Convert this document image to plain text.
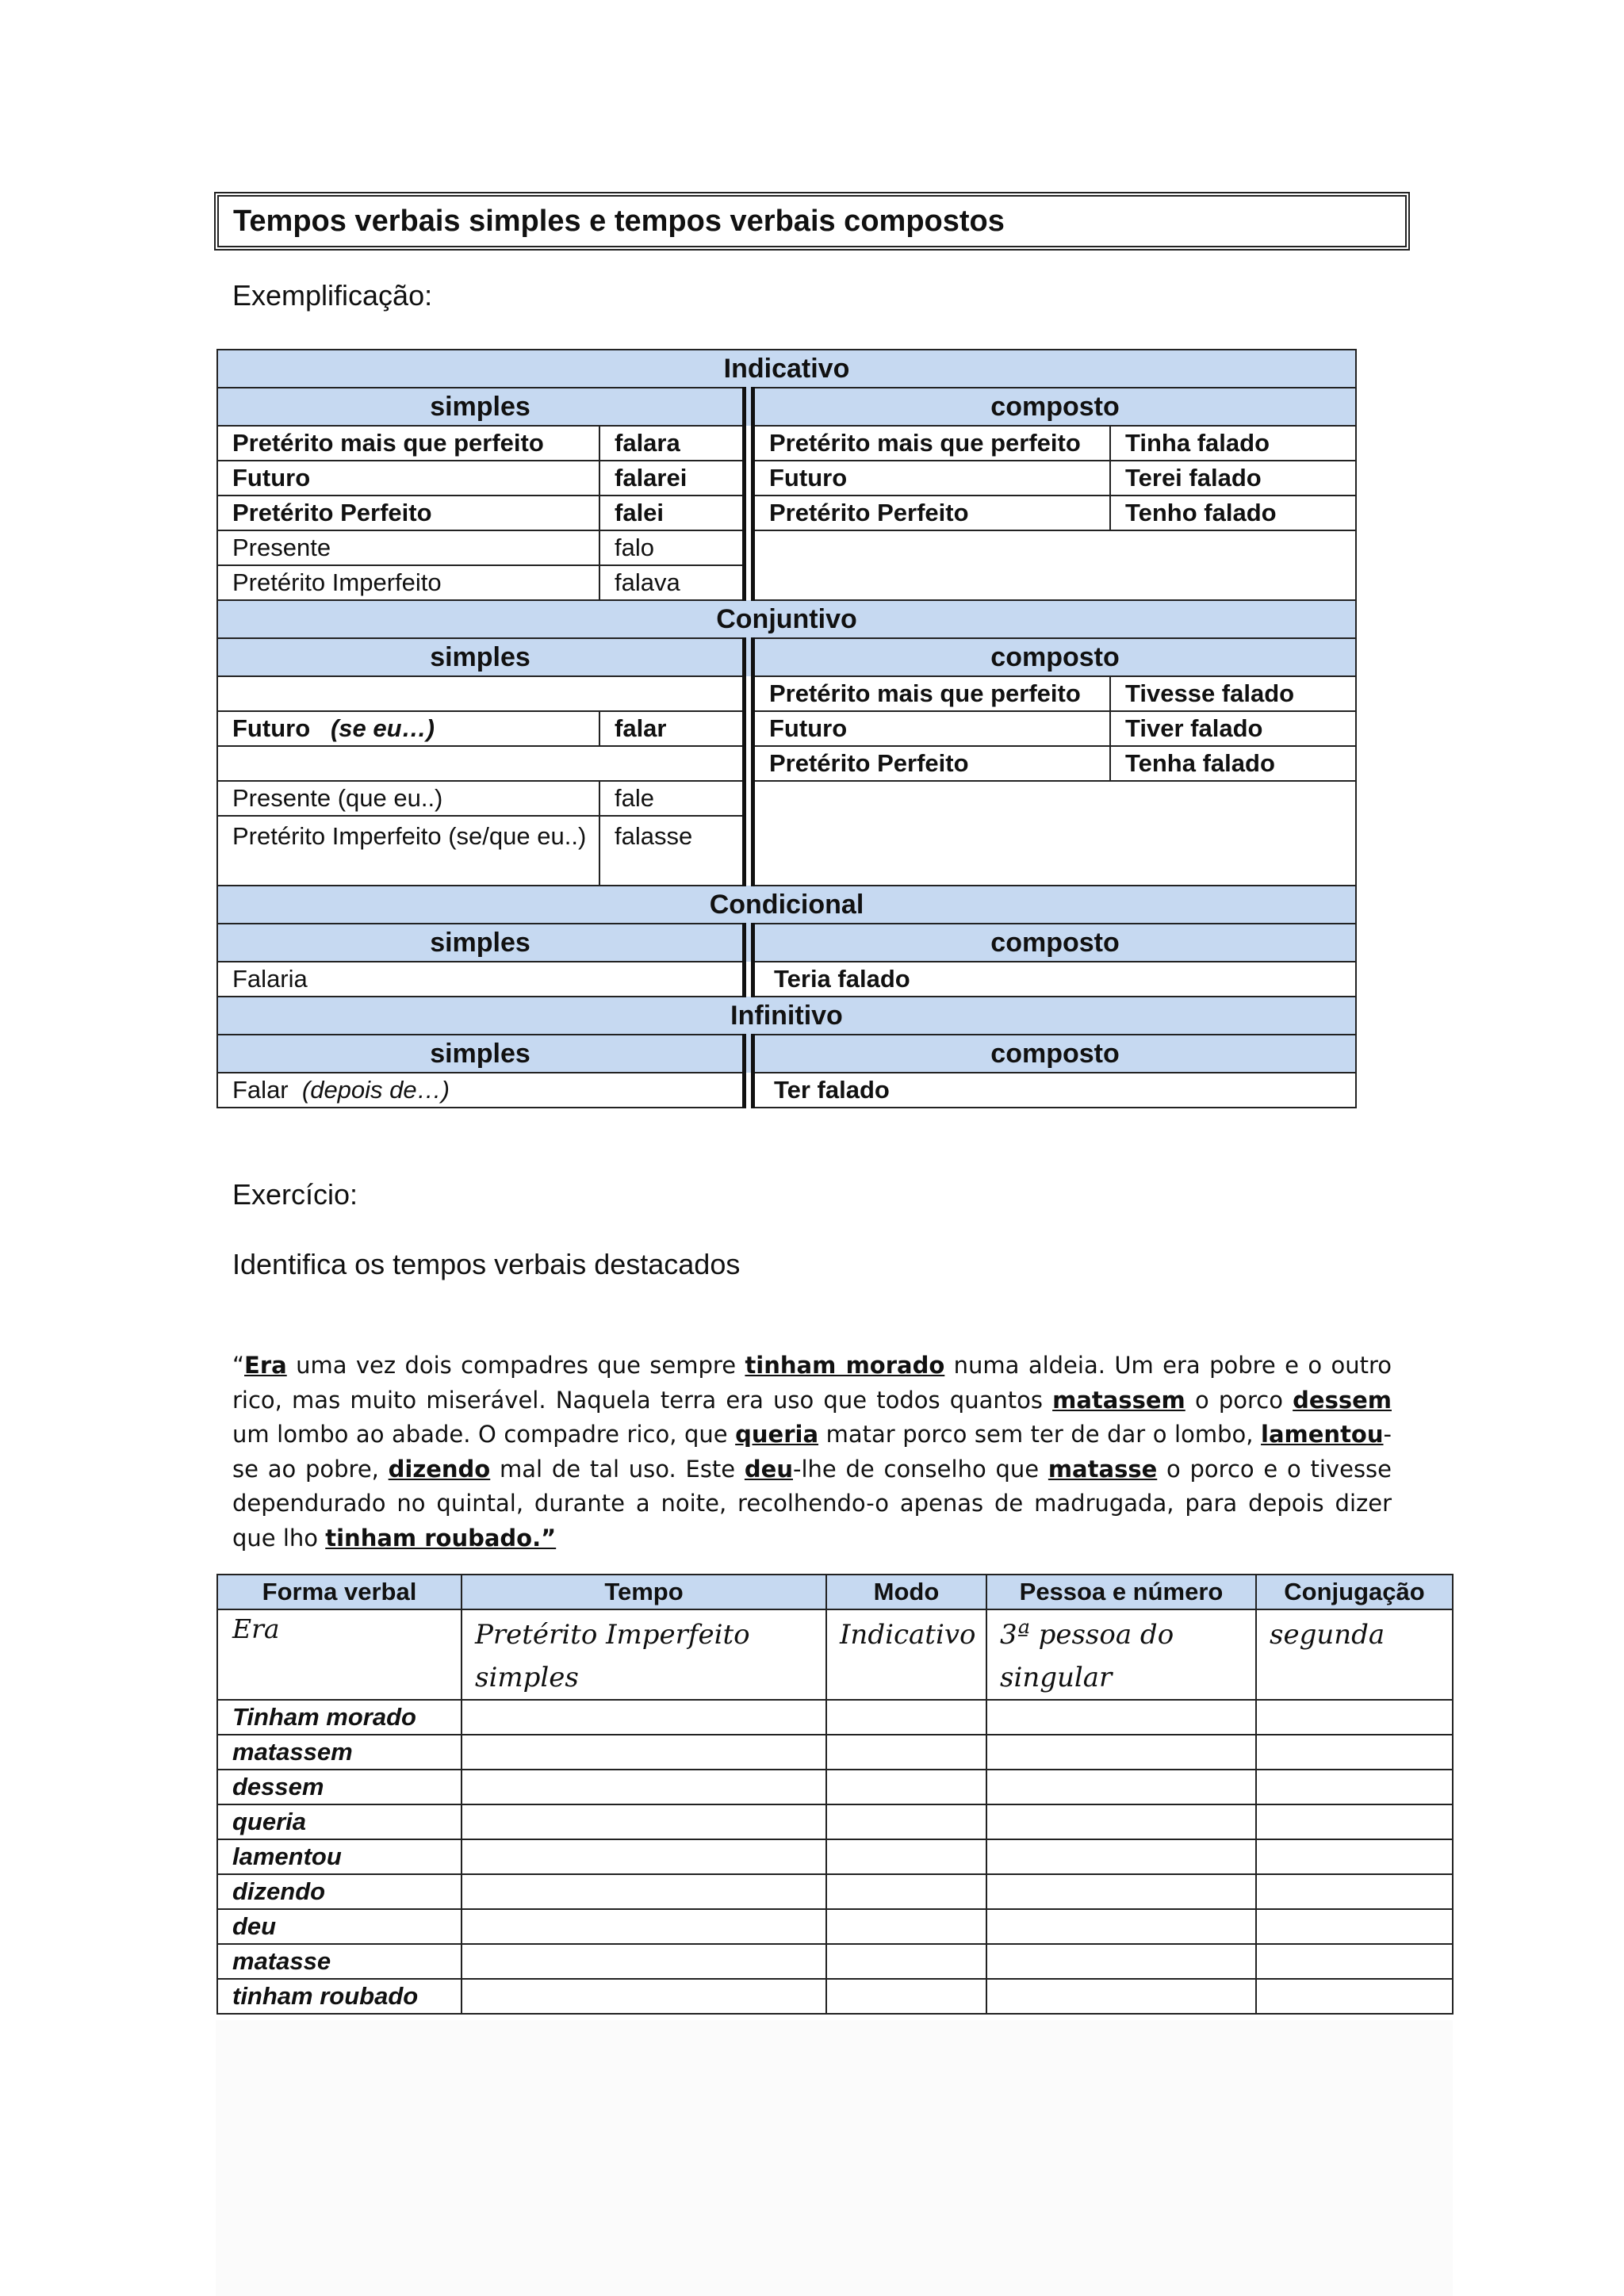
Tempos verbais simples e tempos verbais compostos
Exemplificação:
Indicativo			
simples		composto	
Pretérito mais que perfeito	falara	Pretérito mais que perfeito	Tinha falado
Futuro	falarei	Futuro	Terei falado
Pretérito Perfeito	falei	Pretérito Perfeito	Tenho falado
Presente	falo		
Pretérito Imperfeito	falava		
Conjuntivo			
simples		composto	
		Pretérito mais que perfeito	Tivesse falado
Futuro (se eu…)	falar	Futuro	Tiver falado
		Pretérito Perfeito	Tenha falado
Presente (que eu..)	fale		
Pretérito Imperfeito (se/que eu..)	falasse		
Condicional			
simples		composto	
Falaria		Teria falado	
Infinitivo			
simples		composto	
Falar (depois de…)		Ter falado	
Exercício:
Identifica os tempos verbais destacados

“Era uma vez dois compadres que sempre tinham morado numa aldeia. Um era pobre e o outro rico, mas muito miserável. Naquela terra era uso que todos quantos matassem o porco dessem um lombo ao abade. O compadre rico, que queria matar porco sem ter de dar o lombo, lamentou-se ao pobre, dizendo mal de tal uso. Este deu-lhe de conselho que matasse o porco e o tivesse dependurado no quintal, durante a noite, recolhendo-o apenas de madrugada, para depois dizer que lho tinham roubado.”

Forma verbal	Tempo	Modo	Pessoa e número	Conjugação
Era	Pretérito Imperfeito simples	Indicativo	3ª pessoa do singular	segunda
Tinham morado				
matassem				
dessem				
queria				
lamentou				
dizendo				
deu				
matasse				
tinham roubado				
